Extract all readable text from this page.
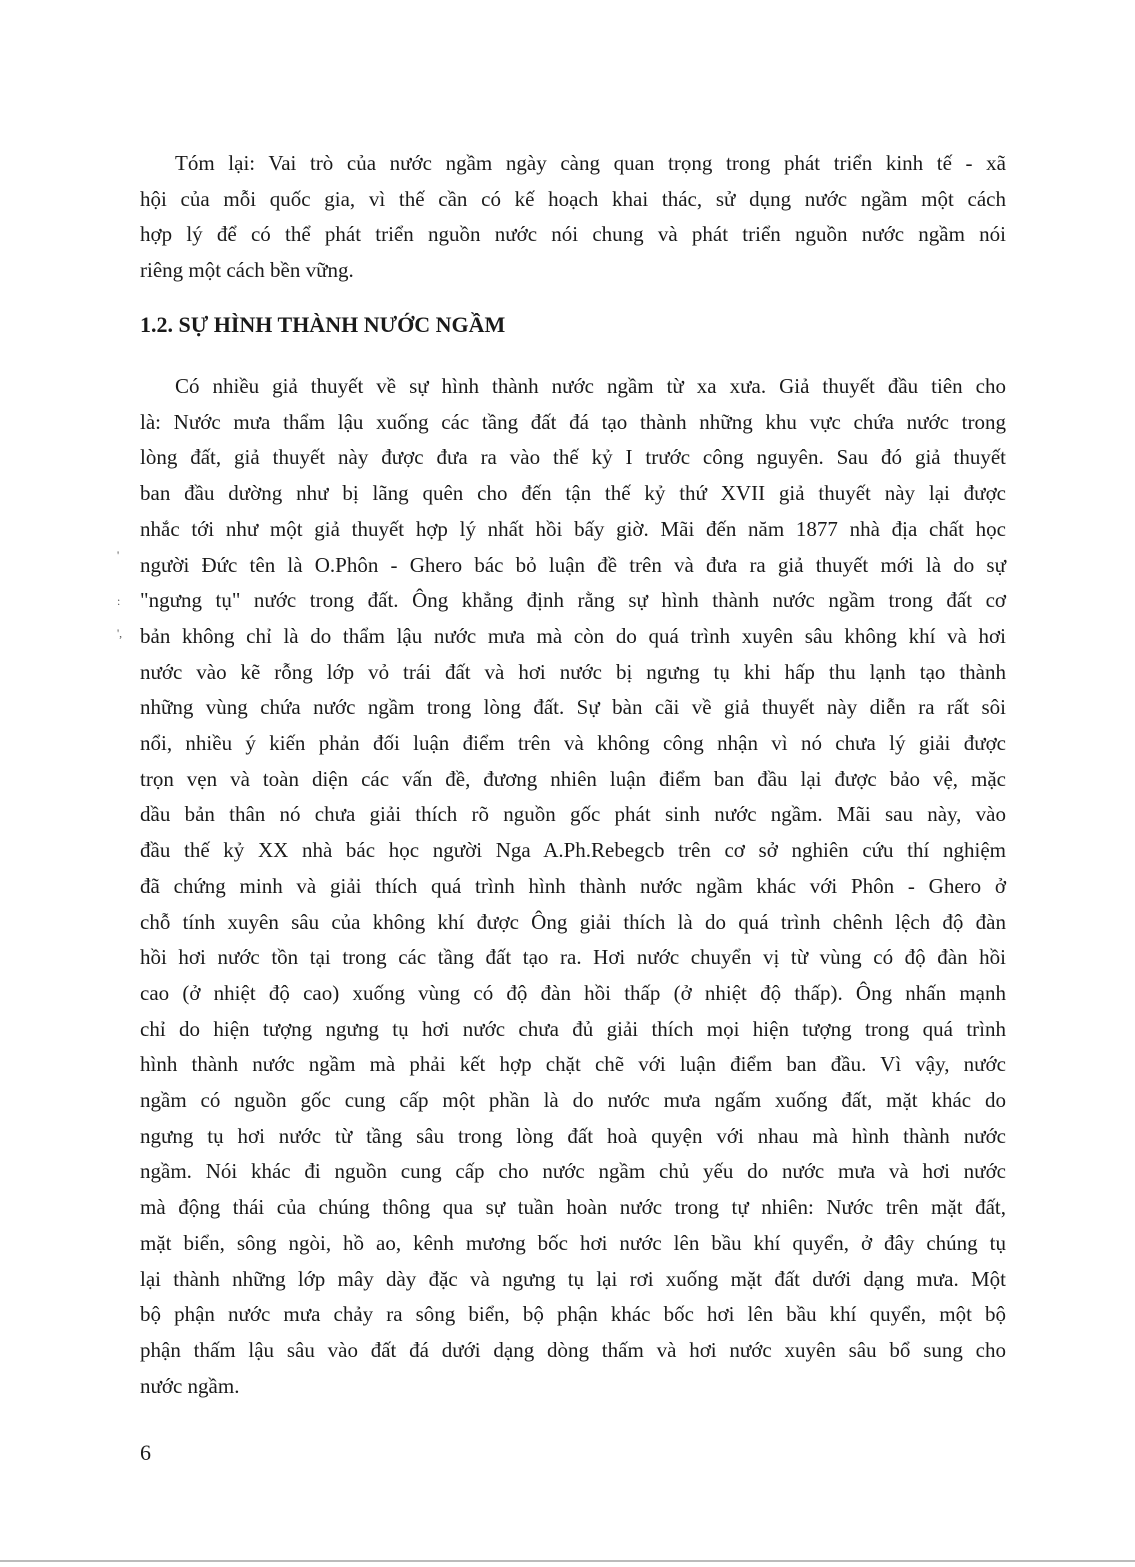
Tóm lại: Vai trò của nước ngầm ngày càng quan trọng trong phát triển kinh tế - xã
hội của mỗi quốc gia, vì thế cần có kế hoạch khai thác, sử dụng nước ngầm một cách
hợp lý để có thể phát triển nguồn nước nói chung và phát triển nguồn nước ngầm nói
riêng một cách bền vững.
1.2. SỰ HÌNH THÀNH NƯỚC NGẦM
Có nhiều giả thuyết về sự hình thành nước ngầm từ xa xưa. Giả thuyết đầu tiên cho
là: Nước mưa thẩm lậu xuống các tầng đất đá tạo thành những khu vực chứa nước trong
lòng đất, giả thuyết này được đưa ra vào thế kỷ I trước công nguyên. Sau đó giả thuyết
ban đầu dường như bị lãng quên cho đến tận thế kỷ thứ XVII giả thuyết này lại được
nhắc tới như một giả thuyết hợp lý nhất hồi bấy giờ. Mãi đến năm 1877 nhà địa chất học
người Đức tên là O.Phôn - Ghero bác bỏ luận đề trên và đưa ra giả thuyết mới là do sự
"ngưng tụ" nước trong đất. Ông khẳng định rằng sự hình thành nước ngầm trong đất cơ
bản không chỉ là do thẩm lậu nước mưa mà còn do quá trình xuyên sâu không khí và hơi
nước vào kẽ rỗng lớp vỏ trái đất và hơi nước bị ngưng tụ khi hấp thu lạnh tạo thành
những vùng chứa nước ngầm trong lòng đất. Sự bàn cãi về giả thuyết này diễn ra rất sôi
nổi, nhiều ý kiến phản đối luận điểm trên và không công nhận vì nó chưa lý giải được
trọn vẹn và toàn diện các vấn đề, đương nhiên luận điểm ban đầu lại được bảo vệ, mặc
dầu bản thân nó chưa giải thích rõ nguồn gốc phát sinh nước ngầm. Mãi sau này, vào
đầu thế kỷ XX nhà bác học người Nga A.Ph.Rebegcb trên cơ sở nghiên cứu thí nghiệm
đã chứng minh và giải thích quá trình hình thành nước ngầm khác với Phôn - Ghero ở
chỗ tính xuyên sâu của không khí được Ông giải thích là do quá trình chênh lệch độ đàn
hồi hơi nước tồn tại trong các tầng đất tạo ra. Hơi nước chuyển vị từ vùng có độ đàn hồi
cao (ở nhiệt độ cao) xuống vùng có độ đàn hồi thấp (ở nhiệt độ thấp). Ông nhấn mạnh
chỉ do hiện tượng ngưng tụ hơi nước chưa đủ giải thích mọi hiện tượng trong quá trình
hình thành nước ngầm mà phải kết hợp chặt chẽ với luận điểm ban đầu. Vì vậy, nước
ngầm có nguồn gốc cung cấp một phần là do nước mưa ngấm xuống đất, mặt khác do
ngưng tụ hơi nước từ tầng sâu trong lòng đất hoà quyện với nhau mà hình thành nước
ngầm. Nói khác đi nguồn cung cấp cho nước ngầm chủ yếu do nước mưa và hơi nước
mà động thái của chúng thông qua sự tuần hoàn nước trong tự nhiên: Nước trên mặt đất,
mặt biển, sông ngòi, hồ ao, kênh mương bốc hơi nước lên bầu khí quyển, ở đây chúng tụ
lại thành những lớp mây dày đặc và ngưng tụ lại rơi xuống mặt đất dưới dạng mưa. Một
bộ phận nước mưa chảy ra sông biển, bộ phận khác bốc hơi lên bầu khí quyển, một bộ
phận thấm lậu sâu vào đất đá dưới dạng dòng thấm và hơi nước xuyên sâu bổ sung cho
nước ngầm.
'
:
',
6
